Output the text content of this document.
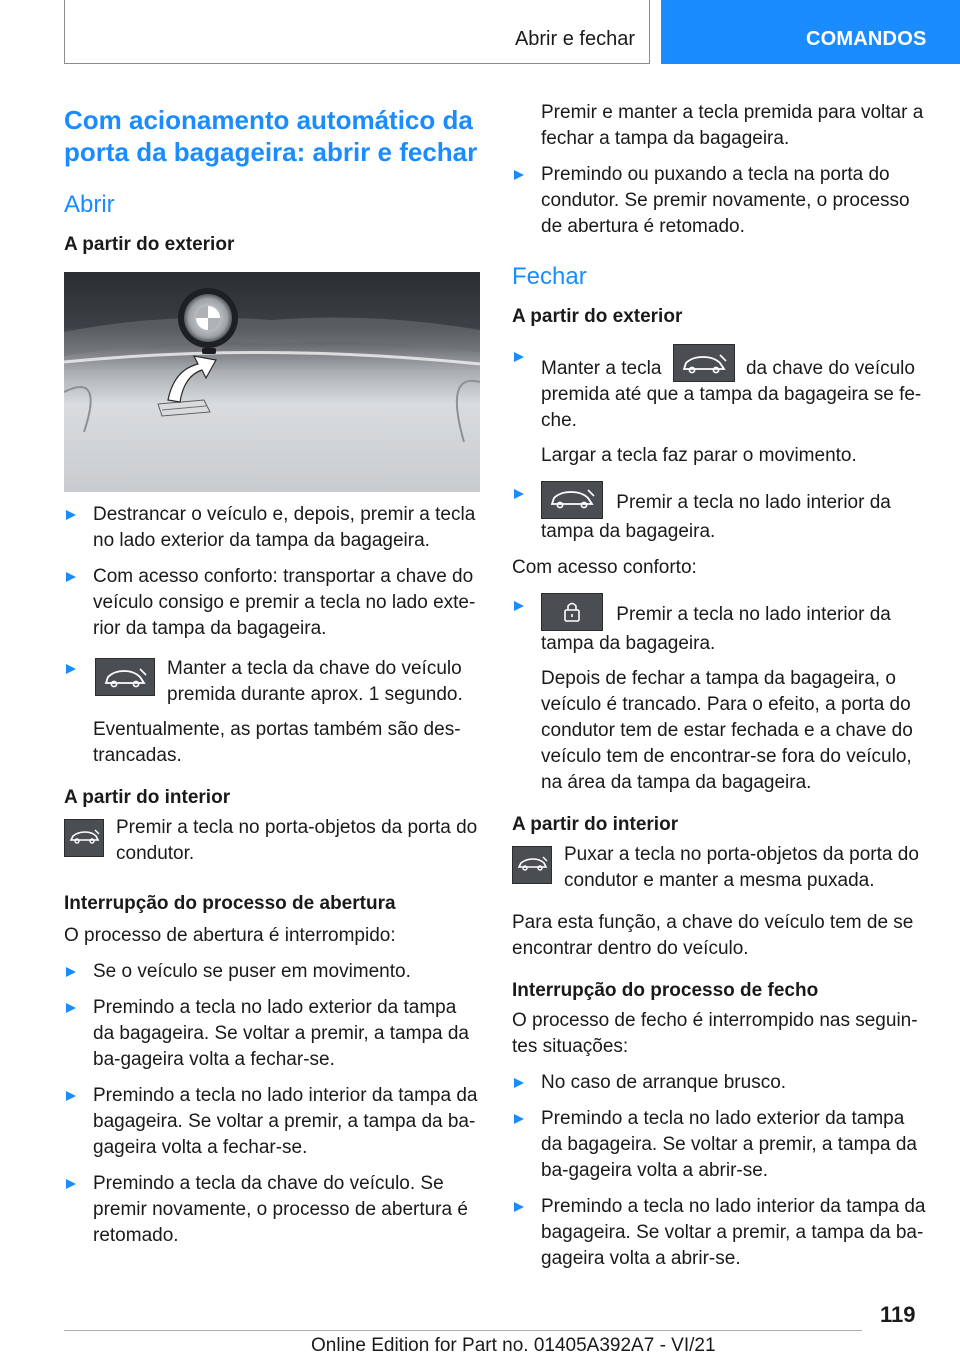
Abrir e fechar	COMANDOS
Com acionamento automático da porta da bagageira: abrir e fechar
Abrir
A partir do exterior
Destrancar o veículo e, depois, premir a tecla no lado exterior da tampa da bagageira.
Com acesso conforto: transportar a chave do veículo consigo e premir a tecla no lado exte-rior da tampa da bagageira.
Manter a tecla da chave do veículo premida durante aprox. 1 segundo.
Eventualmente, as portas também são des-trancadas.
A partir do interior

Premir a tecla no porta-objetos da porta do condutor.

Interrupção do processo de abertura

O processo de abertura é interrompido:

Se o veículo se puser em movimento.
Premindo a tecla no lado exterior da tampa da bagageira. Se voltar a premir, a tampa da ba-gageira volta a fechar-se.
Premindo a tecla no lado interior da tampa da bagageira. Se voltar a premir, a tampa da ba-gageira volta a fechar-se.
Premindo a tecla da chave do veículo. Se premir novamente, o processo de abertura é retomado.

Premir e manter a tecla premida para voltar a fechar a tampa da bagageira.

Premindo ou puxando a tecla na porta do condutor. Se premir novamente, o processo de abertura é retomado.
Fechar
A partir do exterior
Manter a tecla	da chave do veículo premida até que a tampa da bagageira se fe-che.
Largar a tecla faz parar o movimento.
Premir a tecla no lado interior da tampa da bagageira.

Com acesso conforto:

Premir a tecla no lado interior da tampa da bagageira.
Depois de fechar a tampa da bagageira, o veículo é trancado. Para o efeito, a porta do condutor tem de estar fechada e a chave do veículo tem de encontrar-se fora do veículo, na área da tampa da bagageira.
A partir do interior

Puxar a tecla no porta-objetos da porta do condutor e manter a mesma puxada.

Para esta função, a chave do veículo tem de se encontrar dentro do veículo.

Interrupção do processo de fecho

O processo de fecho é interrompido nas seguin-tes situações:

No caso de arranque brusco.
Premindo a tecla no lado exterior da tampa da bagageira. Se voltar a premir, a tampa da ba-gageira volta a abrir-se.
Premindo a tecla no lado interior da tampa da bagageira. Se voltar a premir, a tampa da ba-gageira volta a abrir-se.
119
Online Edition for Part no. 01405A392A7 - VI/21
